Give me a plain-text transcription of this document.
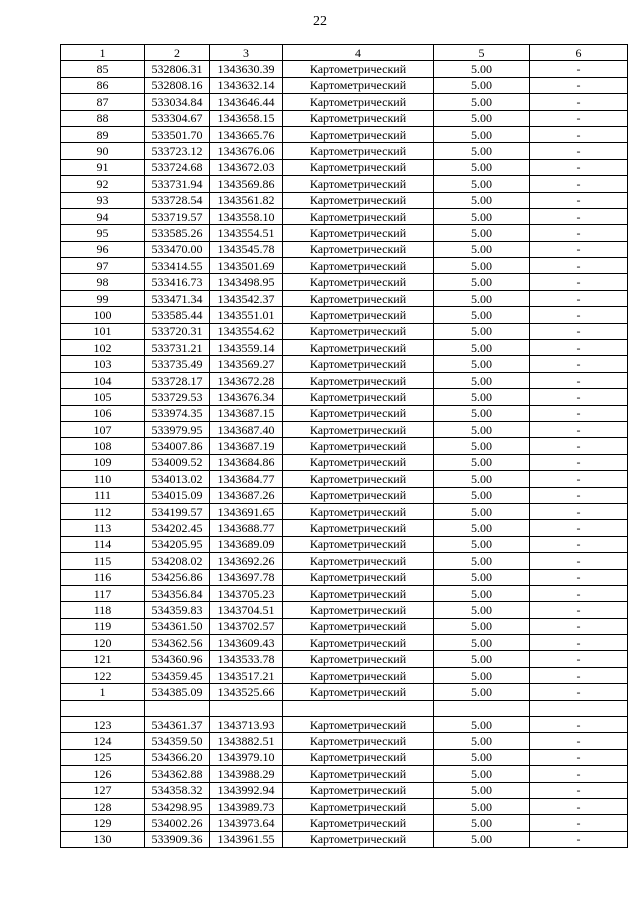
22
1	2	3	4	5	6
85	532806.31	1343630.39	Картометрический	5.00	-
86	532808.16	1343632.14	Картометрический	5.00	-
87	533034.84	1343646.44	Картометрический	5.00	-
88	533304.67	1343658.15	Картометрический	5.00	-
89	533501.70	1343665.76	Картометрический	5.00	-
90	533723.12	1343676.06	Картометрический	5.00	-
91	533724.68	1343672.03	Картометрический	5.00	-
92	533731.94	1343569.86	Картометрический	5.00	-
93	533728.54	1343561.82	Картометрический	5.00	-
94	533719.57	1343558.10	Картометрический	5.00	-
95	533585.26	1343554.51	Картометрический	5.00	-
96	533470.00	1343545.78	Картометрический	5.00	-
97	533414.55	1343501.69	Картометрический	5.00	-
98	533416.73	1343498.95	Картометрический	5.00	-
99	533471.34	1343542.37	Картометрический	5.00	-
100	533585.44	1343551.01	Картометрический	5.00	-
101	533720.31	1343554.62	Картометрический	5.00	-
102	533731.21	1343559.14	Картометрический	5.00	-
103	533735.49	1343569.27	Картометрический	5.00	-
104	533728.17	1343672.28	Картометрический	5.00	-
105	533729.53	1343676.34	Картометрический	5.00	-
106	533974.35	1343687.15	Картометрический	5.00	-
107	533979.95	1343687.40	Картометрический	5.00	-
108	534007.86	1343687.19	Картометрический	5.00	-
109	534009.52	1343684.86	Картометрический	5.00	-
110	534013.02	1343684.77	Картометрический	5.00	-
111	534015.09	1343687.26	Картометрический	5.00	-
112	534199.57	1343691.65	Картометрический	5.00	-
113	534202.45	1343688.77	Картометрический	5.00	-
114	534205.95	1343689.09	Картометрический	5.00	-
115	534208.02	1343692.26	Картометрический	5.00	-
116	534256.86	1343697.78	Картометрический	5.00	-
117	534356.84	1343705.23	Картометрический	5.00	-
118	534359.83	1343704.51	Картометрический	5.00	-
119	534361.50	1343702.57	Картометрический	5.00	-
120	534362.56	1343609.43	Картометрический	5.00	-
121	534360.96	1343533.78	Картометрический	5.00	-
122	534359.45	1343517.21	Картометрический	5.00	-
1	534385.09	1343525.66	Картометрический	5.00	-

123	534361.37	1343713.93	Картометрический	5.00	-
124	534359.50	1343882.51	Картометрический	5.00	-
125	534366.20	1343979.10	Картометрический	5.00	-
126	534362.88	1343988.29	Картометрический	5.00	-
127	534358.32	1343992.94	Картометрический	5.00	-
128	534298.95	1343989.73	Картометрический	5.00	-
129	534002.26	1343973.64	Картометрический	5.00	-
130	533909.36	1343961.55	Картометрический	5.00	-
